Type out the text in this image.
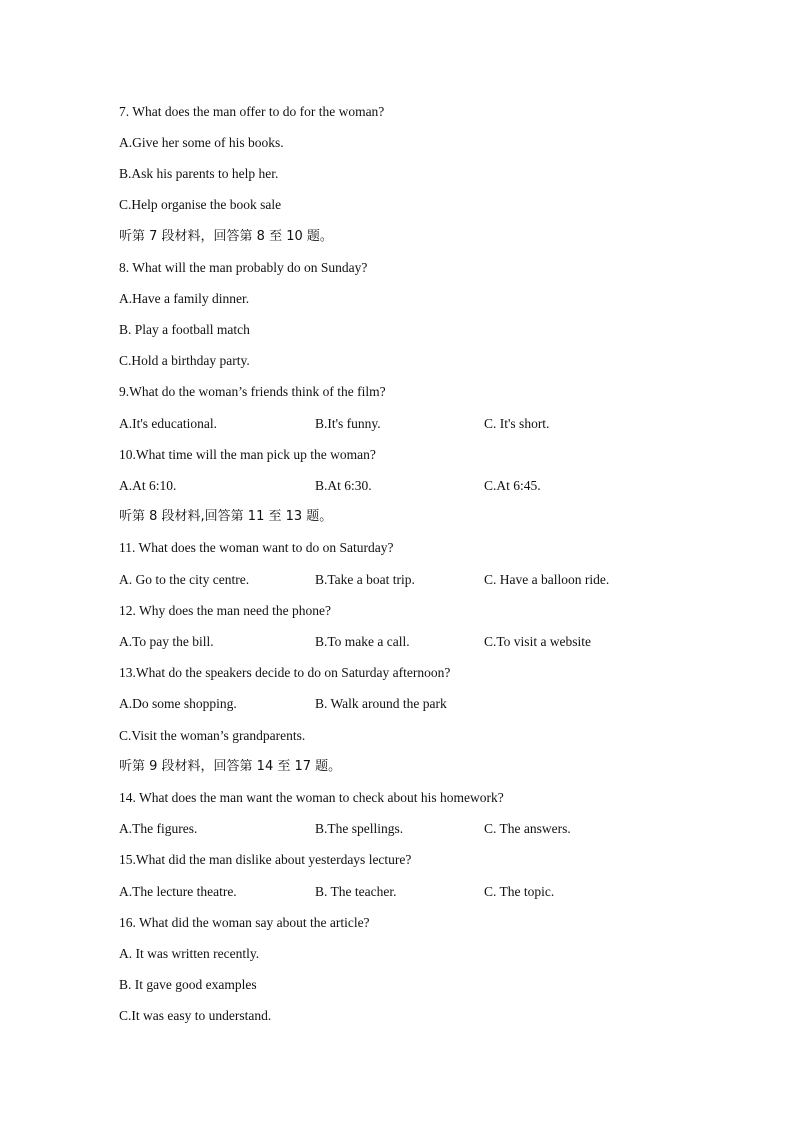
7. What does the man offer to do for the woman?
A.Give her some of his books.
B.Ask his parents to help her.
C.Help organise the book sale
听第 7 段材料，回答第 8 至 10 题。
8. What will the man probably do on Sunday?
A.Have a family dinner.
B. Play a football match
C.Hold a birthday party.
9.What do the woman’s friends think of the film?
A.It's educational.	B.It's funny.	C. It's short.
10.What time will the man pick up the woman?
A.At 6:10.	B.At 6:30.	C.At 6:45.
听第 8 段材料,回答第 11 至 13 题。
11. What does the woman want to do on Saturday?
A. Go to the city centre.	B.Take a boat trip.	C. Have a balloon ride.
12. Why does the man need the phone?
A.To pay the bill.	B.To make a call.	C.To visit a website
13.What do the speakers decide to do on Saturday afternoon?
A.Do some shopping.	B. Walk around the park
C.Visit the woman’s grandparents.
听第 9 段材料，回答第 14 至 17 题。
14. What does the man want the woman to check about his homework?
A.The figures.	B.The spellings.	C. The answers.
15.What did the man dislike about yesterdays lecture?
A.The lecture theatre.	B. The teacher.	C. The topic.
16. What did the woman say about the article?
A. It was written recently.
B. It gave good examples
C.It was easy to understand.
